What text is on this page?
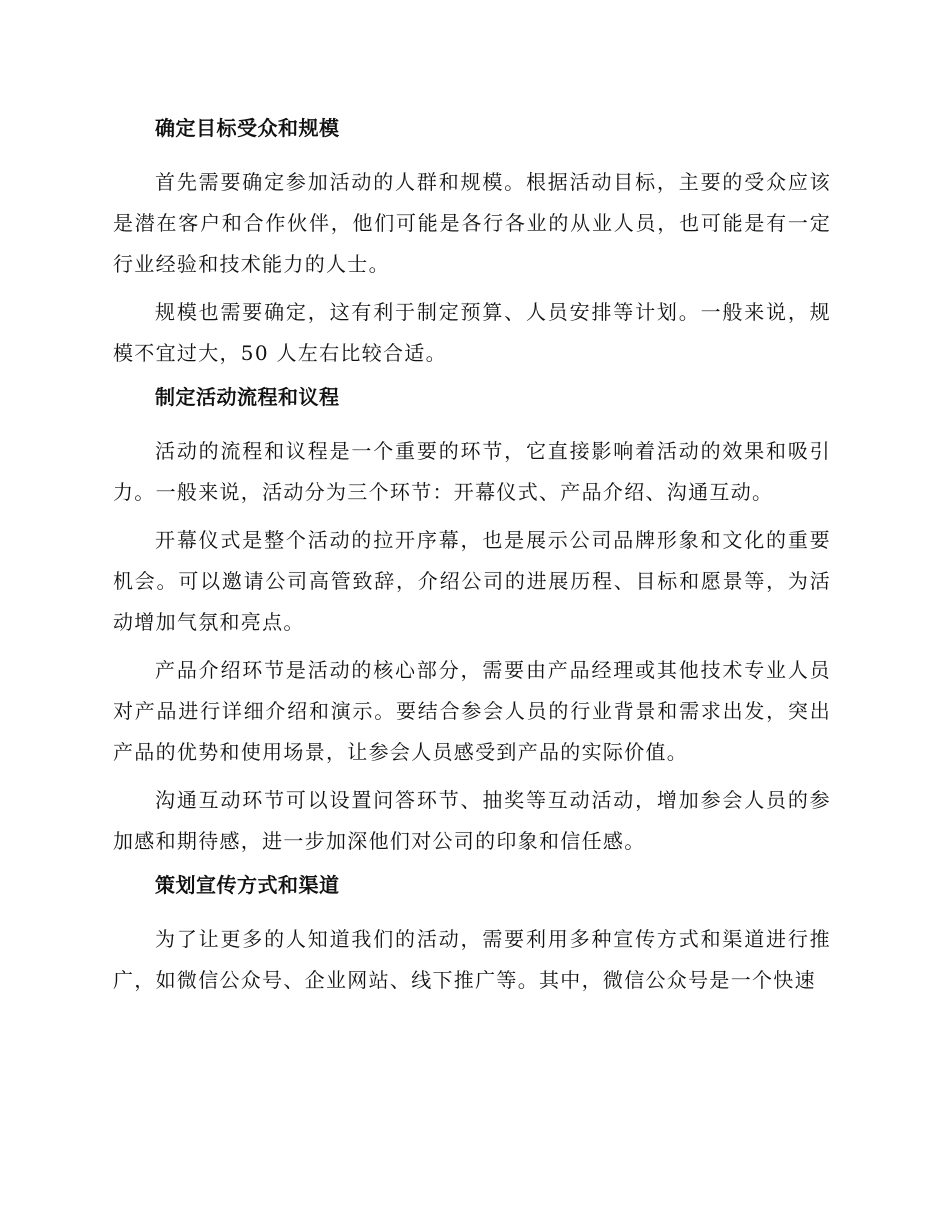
确定目标受众和规模

首先需要确定参加活动的人群和规模。根据活动目标，主要的受众应该是潜在客户和合作伙伴，他们可能是各行各业的从业人员，也可能是有一定行业经验和技术能力的人士。

规模也需要确定，这有利于制定预算、人员安排等计划。一般来说，规模不宜过大，50 人左右比较合适。

制定活动流程和议程

活动的流程和议程是一个重要的环节，它直接影响着活动的效果和吸引力。一般来说，活动分为三个环节：开幕仪式、产品介绍、沟通互动。

开幕仪式是整个活动的拉开序幕，也是展示公司品牌形象和文化的重要机会。可以邀请公司高管致辞，介绍公司的进展历程、目标和愿景等，为活动增加气氛和亮点。

产品介绍环节是活动的核心部分，需要由产品经理或其他技术专业人员对产品进行详细介绍和演示。要结合参会人员的行业背景和需求出发，突出产品的优势和使用场景，让参会人员感受到产品的实际价值。

沟通互动环节可以设置问答环节、抽奖等互动活动，增加参会人员的参加感和期待感，进一步加深他们对公司的印象和信任感。

策划宣传方式和渠道

为了让更多的人知道我们的活动，需要利用多种宣传方式和渠道进行推广，如微信公众号、企业网站、线下推广等。其中，微信公众号是一个快速
